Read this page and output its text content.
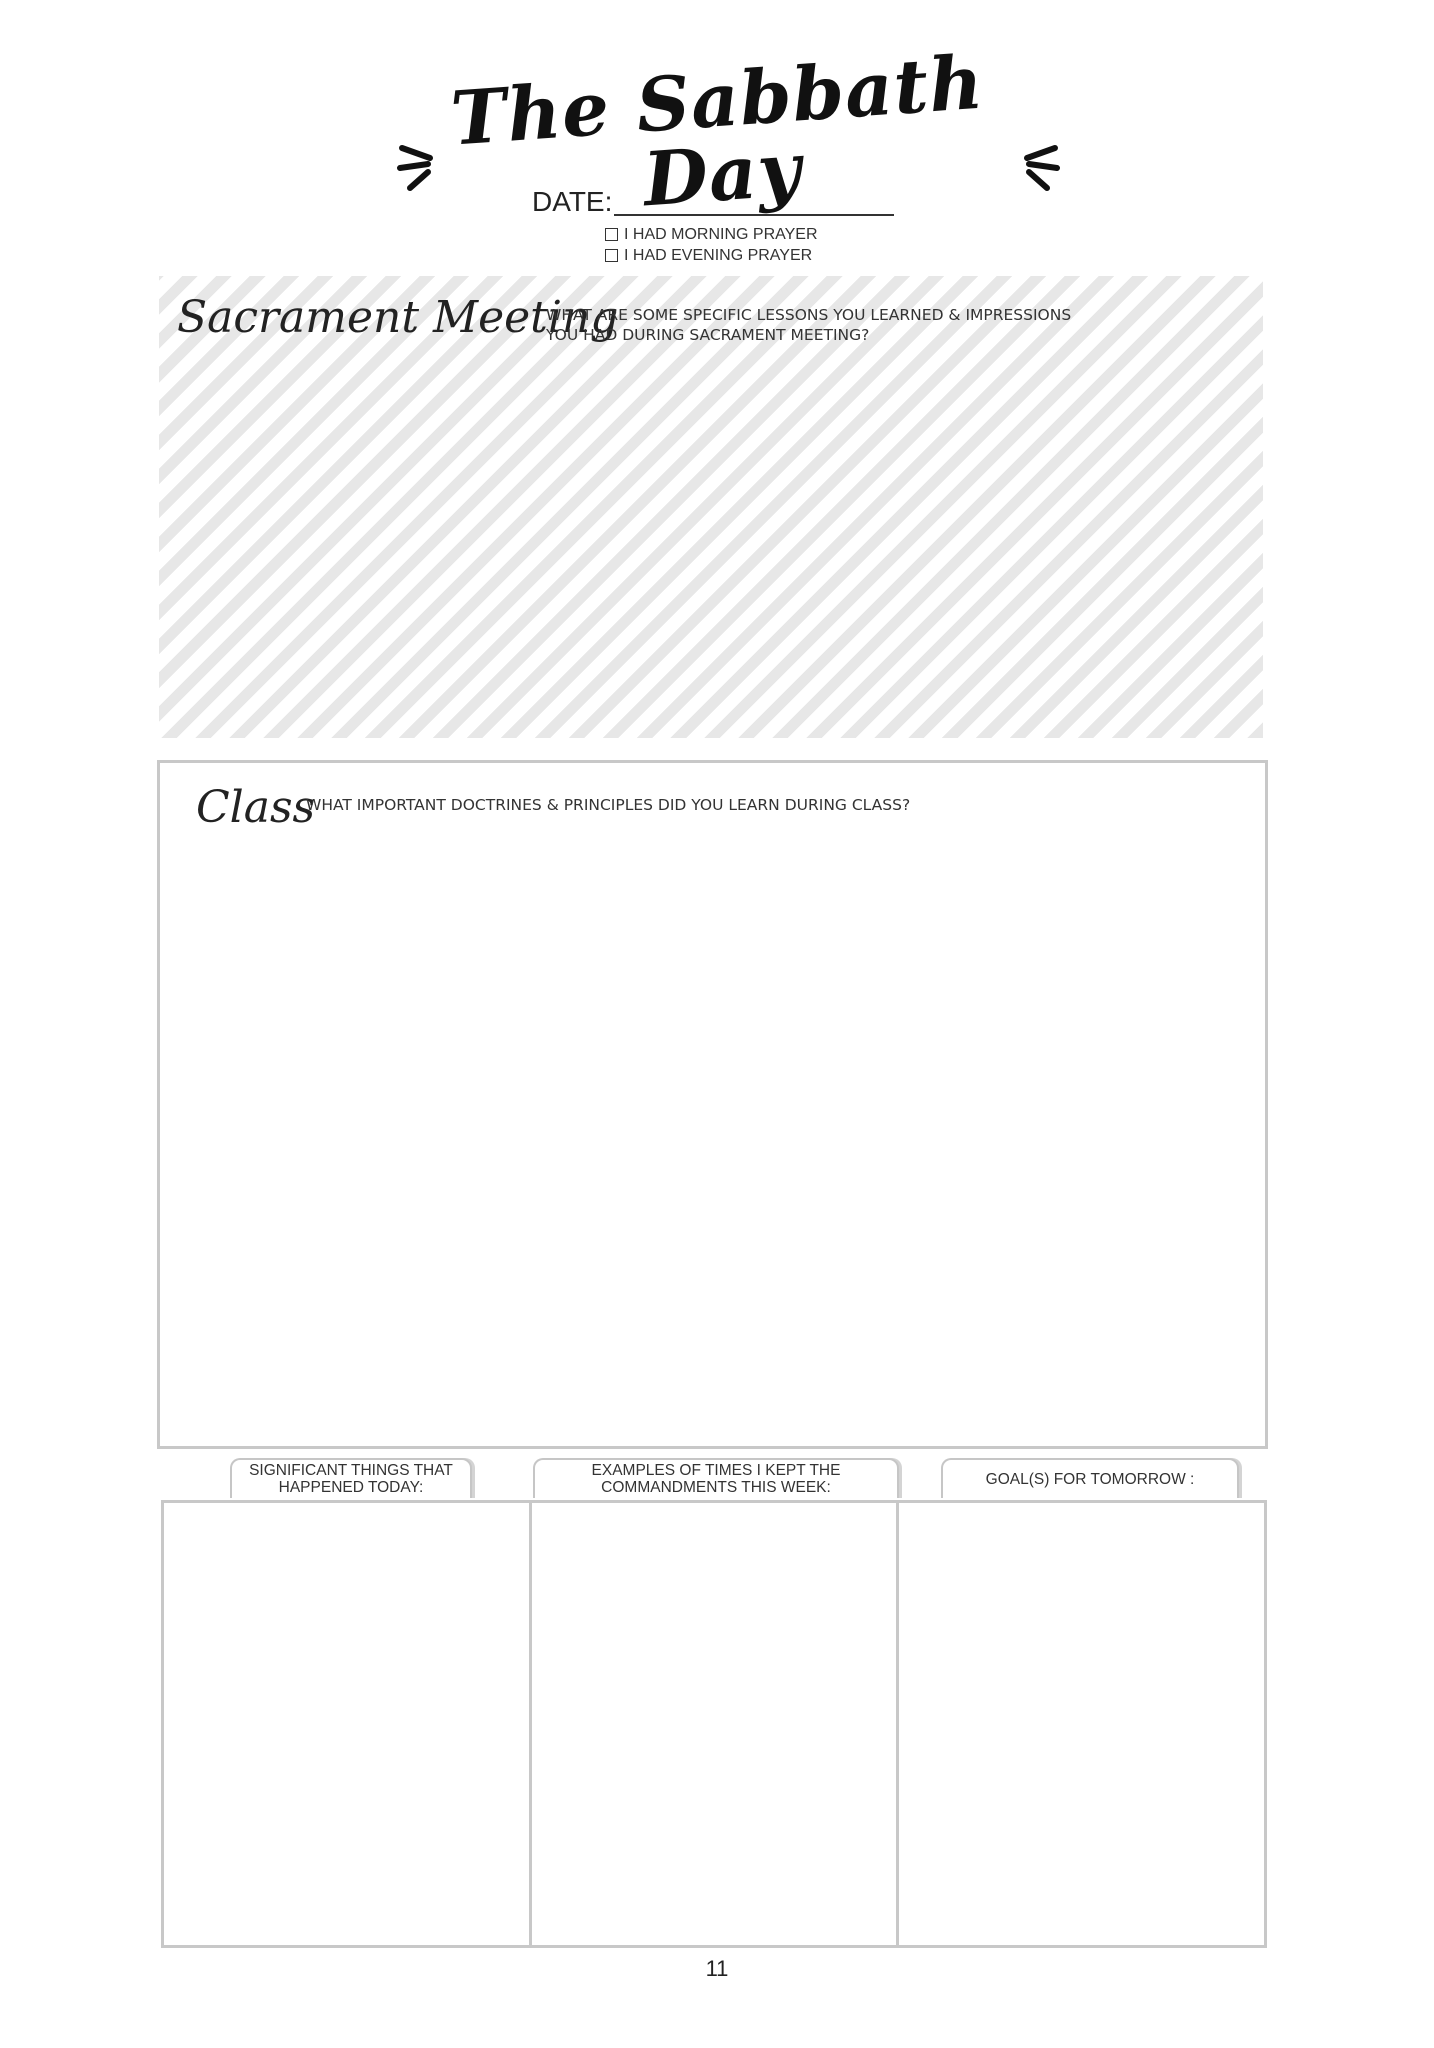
The Sabbath Day
DATE:
I HAD MORNING PRAYER
I HAD EVENING PRAYER
Sacrament Meeting
WHAT ARE SOME SPECIFIC LESSONS YOU LEARNED & IMPRESSIONS YOU HAD DURING SACRAMENT MEETING?
Class
WHAT IMPORTANT DOCTRINES & PRINCIPLES DID YOU LEARN DURING CLASS?
SIGNIFICANT THINGS THAT HAPPENED TODAY:
EXAMPLES OF TIMES I KEPT THE COMMANDMENTS THIS WEEK:	GOAL(S) FOR TOMORROW :
11
